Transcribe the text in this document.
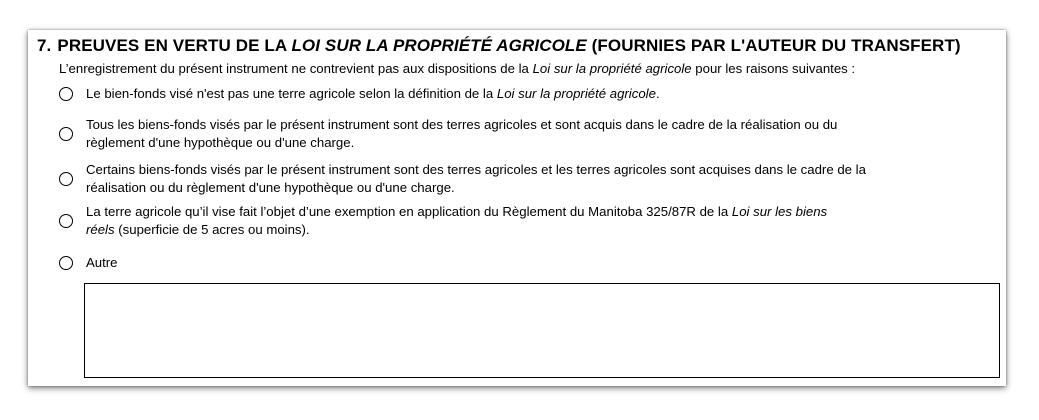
7. PREUVES EN VERTU DE LA LOI SUR LA PROPRIÉTÉ AGRICOLE (FOURNIES PAR L'AUTEUR DU TRANSFERT)
L’enregistrement du présent instrument ne contrevient pas aux dispositions de la Loi sur la propriété agricole pour les raisons suivantes :
Le bien-fonds visé n'est pas une terre agricole selon la définition de la Loi sur la propriété agricole.
Tous les biens-fonds visés par le présent instrument sont des terres agricoles et sont acquis dans le cadre de la réalisation ou du
règlement d'une hypothèque ou d'une charge.
Certains biens-fonds visés par le présent instrument sont des terres agricoles et les terres agricoles sont acquises dans le cadre de la
réalisation ou du règlement d'une hypothèque ou d'une charge.
La terre agricole qu’il vise fait l’objet d’une exemption en application du Règlement du Manitoba 325/87R de la Loi sur les biens
réels (superficie de 5 acres ou moins).
Autre
